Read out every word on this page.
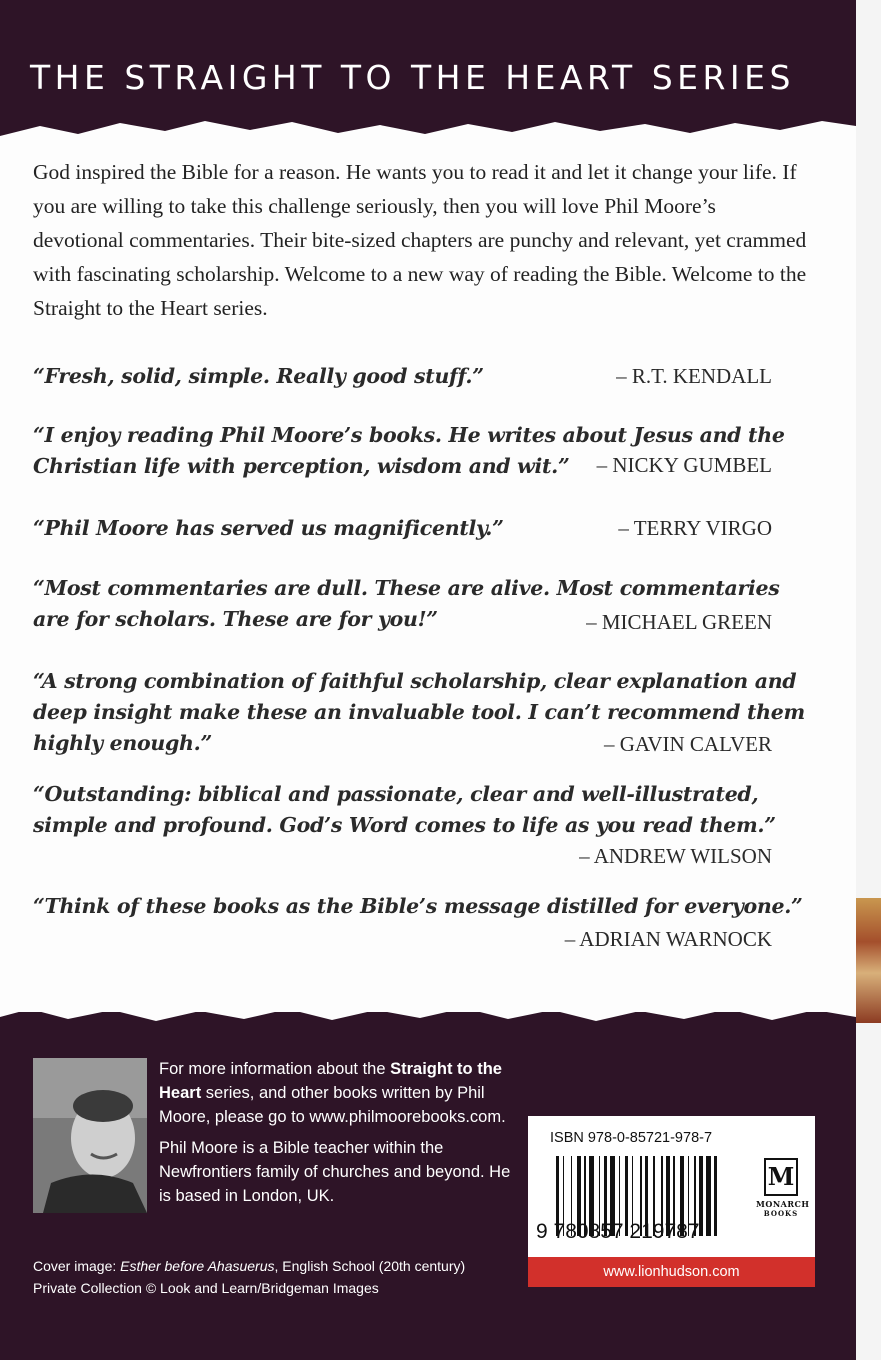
THE STRAIGHT TO THE HEART SERIES
God inspired the Bible for a reason. He wants you to read it and let it change your life. If you are willing to take this challenge seriously, then you will love Phil Moore’s devotional commentaries. Their bite-sized chapters are punchy and relevant, yet crammed with fascinating scholarship. Welcome to a new way of reading the Bible. Welcome to the Straight to the Heart series.
“Fresh, solid, simple. Really good stuff.”	– R.T. KENDALL
“I enjoy reading Phil Moore’s books. He writes about Jesus and the Christian life with perception, wisdom and wit.”	– NICKY GUMBEL
“Phil Moore has served us magnificently.”	– TERRY VIRGO
“Most commentaries are dull. These are alive. Most commentaries are for scholars. These are for you!”	– MICHAEL GREEN
“A strong combination of faithful scholarship, clear explanation and deep insight make these an invaluable tool. I can’t recommend them highly enough.”	– GAVIN CALVER
“Outstanding: biblical and passionate, clear and well-illustrated, simple and profound. God’s Word comes to life as you read them.”
– ANDREW WILSON
“Think of these books as the Bible’s message distilled for everyone.”
– ADRIAN WARNOCK

For more information about the Straight to the Heart series, and other books written by Phil Moore, please go to www.philmoorebooks.com.

Phil Moore is a Bible teacher within the Newfrontiers family of churches and beyond. He is based in London, UK.

Cover image: Esther before Ahasuerus, English School (20th century)
Private Collection © Look and Learn/Bridgeman Images
ISBN 978-0-85721-978-7
9 780857 219787
M
MONARCH
BOOKS
www.lionhudson.com
